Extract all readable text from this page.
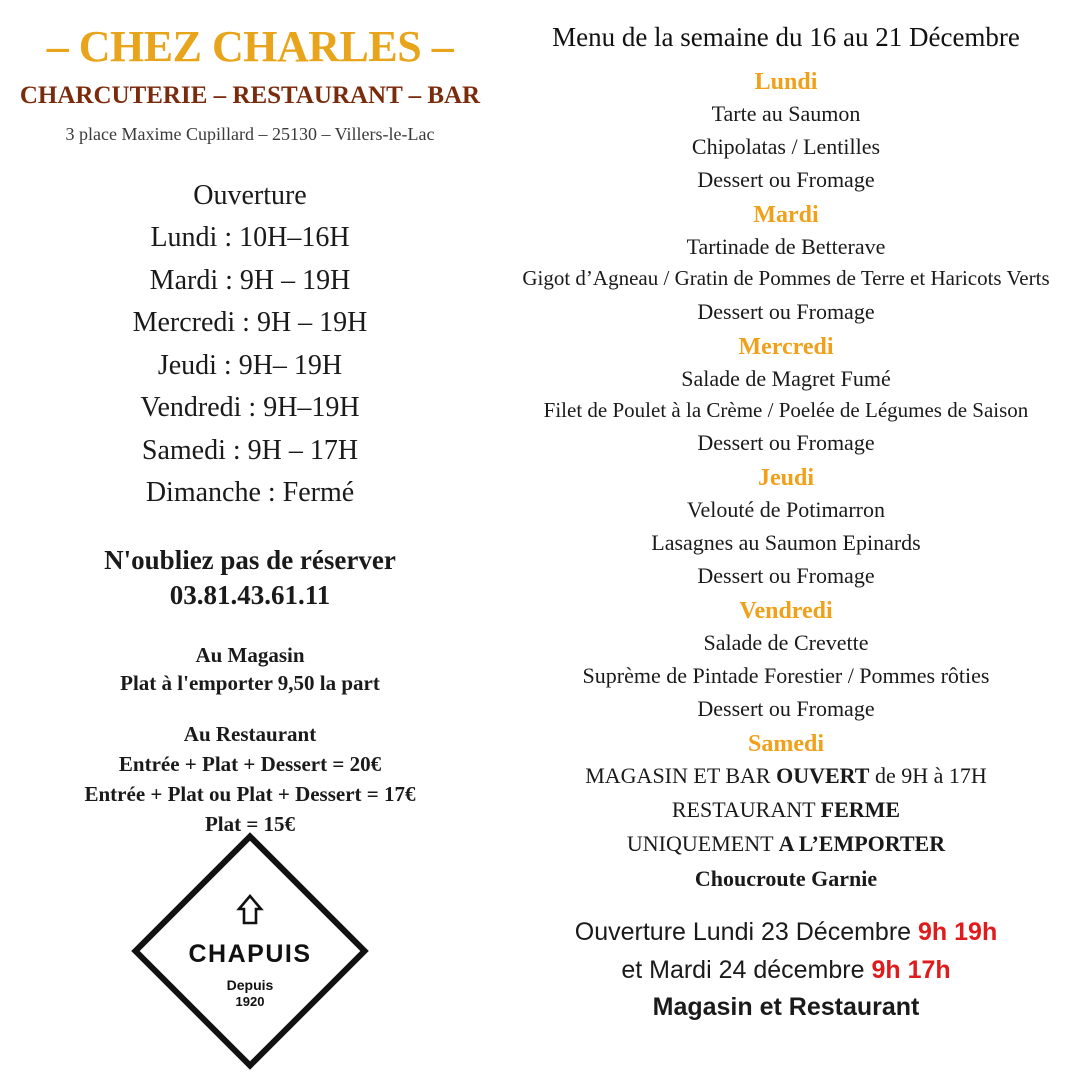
– CHEZ CHARLES –
CHARCUTERIE – RESTAURANT – BAR
3 place Maxime Cupillard – 25130 – Villers-le-Lac
Ouverture
Lundi : 10H–16H
Mardi : 9H – 19H
Mercredi : 9H – 19H
Jeudi : 9H– 19H
Vendredi : 9H–19H
Samedi : 9H – 17H
Dimanche : Fermé
N'oubliez pas de réserver
03.81.43.61.11
Au Magasin
Plat à l'emporter 9,50 la part
Au Restaurant
Entrée + Plat + Dessert = 20€
Entrée + Plat ou Plat + Dessert = 17€
Plat = 15€
CHAPUIS
Depuis
1920
Menu de la semaine du 16 au 21 Décembre
Lundi
Tarte au Saumon
Chipolatas / Lentilles
Dessert ou Fromage
Mardi
Tartinade de Betterave
Gigot d’Agneau / Gratin de Pommes de Terre et Haricots Verts
Dessert ou Fromage
Mercredi
Salade de Magret Fumé
Filet de Poulet à la Crème / Poelée de Légumes de Saison
Dessert ou Fromage
Jeudi
Velouté de Potimarron
Lasagnes au Saumon Epinards
Dessert ou Fromage
Vendredi
Salade de Crevette
Suprème de Pintade Forestier / Pommes rôties
Dessert ou Fromage
Samedi
MAGASIN ET BAR OUVERT de 9H à 17H
RESTAURANT FERME
UNIQUEMENT A L’EMPORTER
Choucroute Garnie
Ouverture Lundi 23 Décembre 9h 19h
et Mardi 24 décembre 9h 17h
Magasin et Restaurant
